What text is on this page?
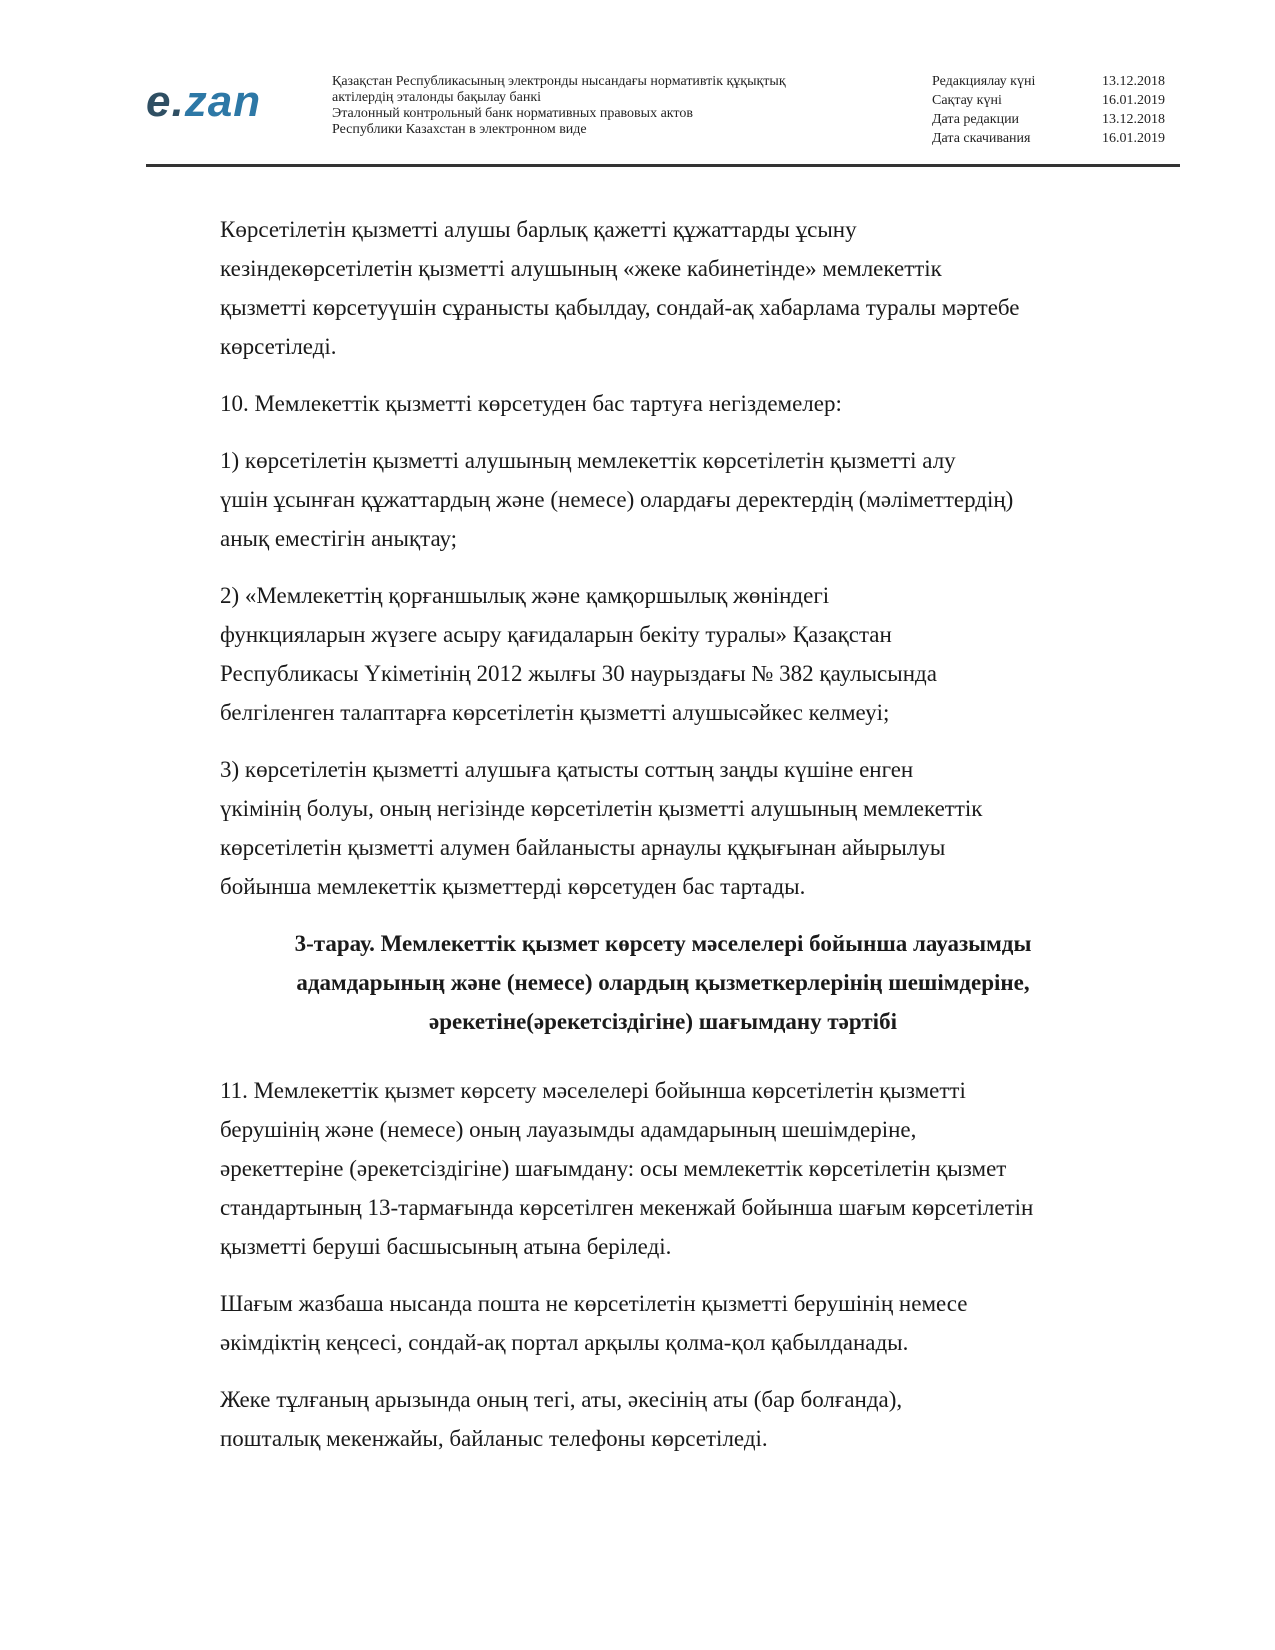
e.zan	Қазақстан Республикасының электронды нысандағы нормативтік құқықтық
актілердің эталонды бақылау банкі
Эталонный контрольный банк нормативных правовых актов
Республики Казахстан в электронном виде
Редакциялау күні	13.12.2018
Сақтау күні	16.01.2019
Дата редакции	13.12.2018
Дата скачивания	16.01.2019

Көрсетілетін қызметті алушы барлық қажетті құжаттарды ұсыну
кезіндекөрсетілетін қызметті алушының «жеке кабинетінде» мемлекеттік
қызметті көрсетуүшін сұранысты қабылдау, сондай-ақ хабарлама туралы мәртебе
көрсетіледі.

10. Мемлекеттік қызметті көрсетуден бас тартуға негіздемелер:

1) көрсетілетін қызметті алушының мемлекеттік көрсетілетін қызметті алу
үшін ұсынған құжаттардың және (немесе) олардағы деректердің (мәліметтердің)
анық еместігін анықтау;

2) «Мемлекеттің қорғаншылық және қамқоршылық жөніндегі
функцияларын жүзеге асыру қағидаларын бекіту туралы» Қазақстан
Республикасы Үкіметінің 2012 жылғы 30 наурыздағы № 382 қаулысында
белгіленген талаптарға көрсетілетін қызметті алушысәйкес келмеуі;

3) көрсетілетін қызметті алушыға қатысты соттың заңды күшіне енген
үкімінің болуы, оның негізінде көрсетілетін қызметті алушының мемлекеттік
көрсетілетін қызметті алумен байланысты арнаулы құқығынан айырылуы
бойынша мемлекеттік қызметтерді көрсетуден бас тартады.

3-тарау. Мемлекеттік қызмет көрсету мәселелері бойынша лауазымды
адамдарының және (немесе) олардың қызметкерлерінің шешімдеріне,
әрекетіне(әрекетсіздігіне) шағымдану тәртібі

11. Мемлекеттік қызмет көрсету мәселелері бойынша көрсетілетін қызметті
берушінің және (немесе) оның лауазымды адамдарының шешімдеріне,
әрекеттеріне (әрекетсіздігіне) шағымдану: осы мемлекеттік көрсетілетін қызмет
стандартының 13-тармағында көрсетілген мекенжай бойынша шағым көрсетілетін
қызметті беруші басшысының атына беріледі.

Шағым жазбаша нысанда пошта не көрсетілетін қызметті берушінің немесе
әкімдіктің кеңсесі, сондай-ақ портал арқылы қолма-қол қабылданады.

Жеке тұлғаның арызында оның тегі, аты, әкесінің аты (бар болғанда),
пошталық мекенжайы, байланыс телефоны көрсетіледі.
